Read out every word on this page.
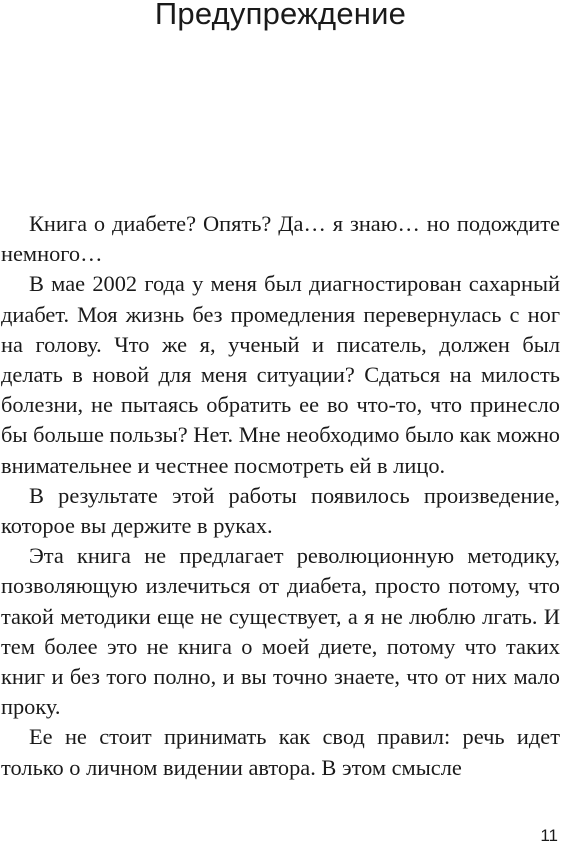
Предупреждение

Книга о диабете? Опять? Да… я знаю… но подождите немного…

В мае 2002 года у меня был диагностирован сахарный диабет. Моя жизнь без промедления перевернулась с ног на голову. Что же я, ученый и писатель, должен был делать в новой для меня ситуации? Сдаться на милость болезни, не пытаясь обратить ее во что-то, что принесло бы больше пользы? Нет. Мне необходимо было как можно внимательнее и честнее посмотреть ей в лицо.

В результате этой работы появилось произведение, которое вы держите в руках.

Эта книга не предлагает революционную методику, позволяющую излечиться от диабета, просто потому, что такой методики еще не существует, а я не люблю лгать. И тем более это не книга о моей диете, потому что таких книг и без того полно, и вы точно знаете, что от них мало проку.

Ее не стоит принимать как свод правил: речь идет только о личном видении автора. В этом смысле

11
